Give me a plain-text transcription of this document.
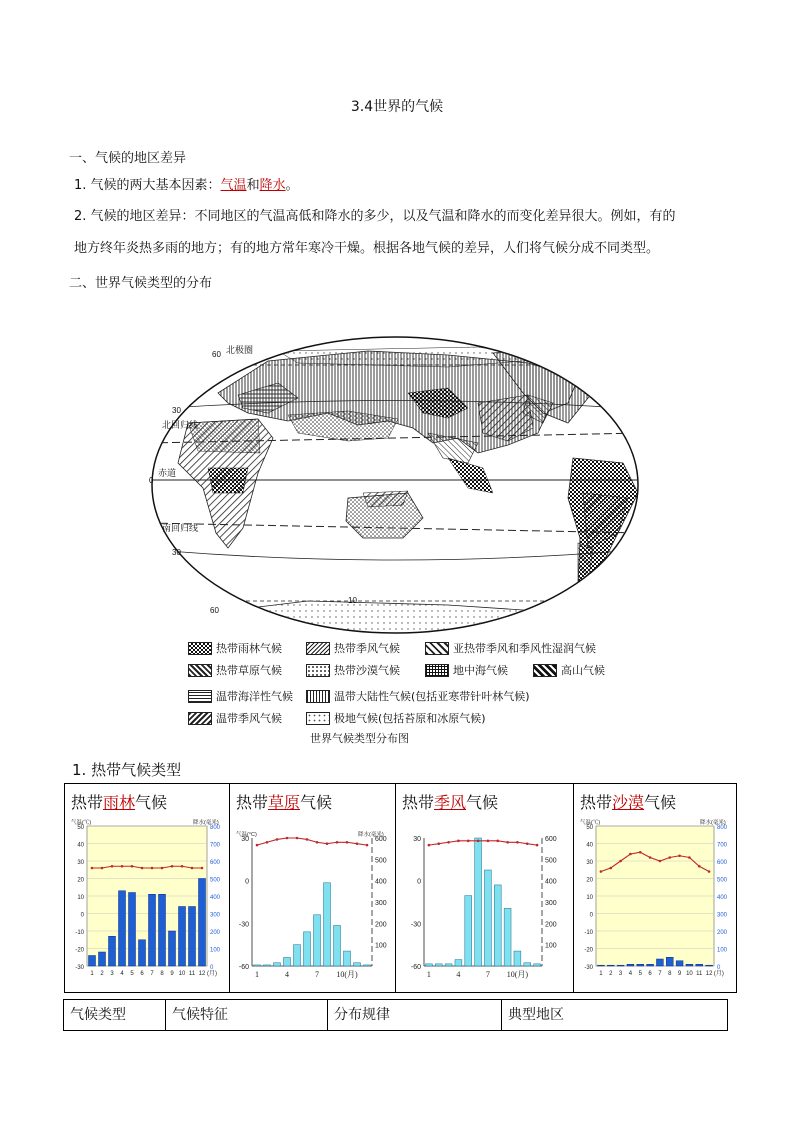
3.4世界的气候
一、气候的地区差异
1. 气候的两大基本因素：气温和降水。
2. 气候的地区差异：不同地区的气温高低和降水的多少，以及气温和降水的而变化差异很大。例如，有的
地方终年炎热多雨的地方；有的地方常年寒冷干燥。根据各地气候的差异，人们将气候分成不同类型。
二、世界气候类型的分布
北极圈
北回归线
赤道
南回归线
30
30
60
60
0
10
热带雨林气候	热带季风气候	亚热带季风和季风性湿润气候
热带草原气候	热带沙漠气候	地中海气候	高山气候
温带海洋性气候	温带大陆性气候(包括亚寒带针叶林气候)
温带季风气候	极地气候(包括苔原和冰原气候)
世界气候类型分布图
1. 热带气候类型
热带雨林气候
50
40
30
20
10
0
-10
-20
-30
800
700
600
500
400
300
200
100
0
气温(℃)	降水(毫米)
1 2 3 4 5 6 7 8 9 10 11 12 (月)
热带草原气候
30
0
-30
-60
600
500
400
300
200
100
气温(°C)	降水(毫米)
1	4	7 10(月)
热带季风气候
30
0
-30
-60
600
500
400
300
200
100
1	4	7 10(月)
热带沙漠气候
50
40
30
20
10
0
-10
-20
-30
800
700
600
500
400
300
200
100
0
气温(℃)	降水(毫米)
1 2 3 4 5 6 7 8 9 10 11 12 (月)
气候类型	气候特征	分布规律	典型地区
